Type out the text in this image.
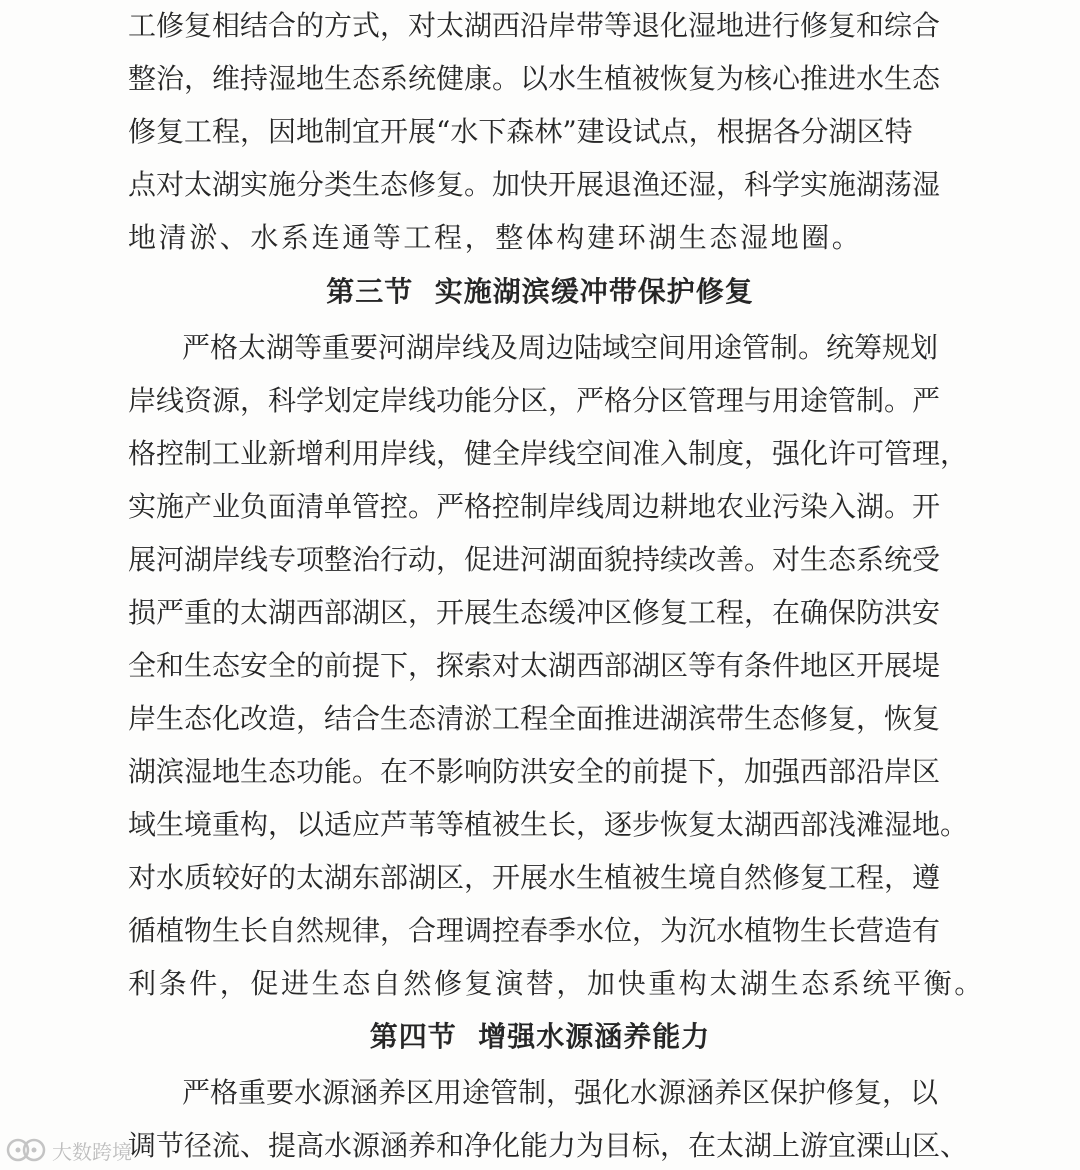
工修复相结合的方式，对太湖西沿岸带等退化湿地进行修复和综合
整治，维持湿地生态系统健康。以水生植被恢复为核心推进水生态
修复工程，因地制宜开展“水下森林”建设试点，根据各分湖区特
点对太湖实施分类生态修复。加快开展退渔还湿，科学实施湖荡湿
地清淤、水系连通等工程，整体构建环湖生态湿地圈。
第三节  实施湖滨缓冲带保护修复
严格太湖等重要河湖岸线及周边陆域空间用途管制。统筹规划
岸线资源，科学划定岸线功能分区，严格分区管理与用途管制。严
格控制工业新增利用岸线，健全岸线空间准入制度，强化许可管理，
实施产业负面清单管控。严格控制岸线周边耕地农业污染入湖。开
展河湖岸线专项整治行动，促进河湖面貌持续改善。对生态系统受
损严重的太湖西部湖区，开展生态缓冲区修复工程，在确保防洪安
全和生态安全的前提下，探索对太湖西部湖区等有条件地区开展堤
岸生态化改造，结合生态清淤工程全面推进湖滨带生态修复，恢复
湖滨湿地生态功能。在不影响防洪安全的前提下，加强西部沿岸区
域生境重构，以适应芦苇等植被生长，逐步恢复太湖西部浅滩湿地。
对水质较好的太湖东部湖区，开展水生植被生境自然修复工程，遵
循植物生长自然规律，合理调控春季水位，为沉水植物生长营造有
利条件，促进生态自然修复演替，加快重构太湖生态系统平衡。
第四节  增强水源涵养能力
严格重要水源涵养区用途管制，强化水源涵养区保护修复，以
调节径流、提高水源涵养和净化能力为目标，在太湖上游宜溧山区、
大数跨境
